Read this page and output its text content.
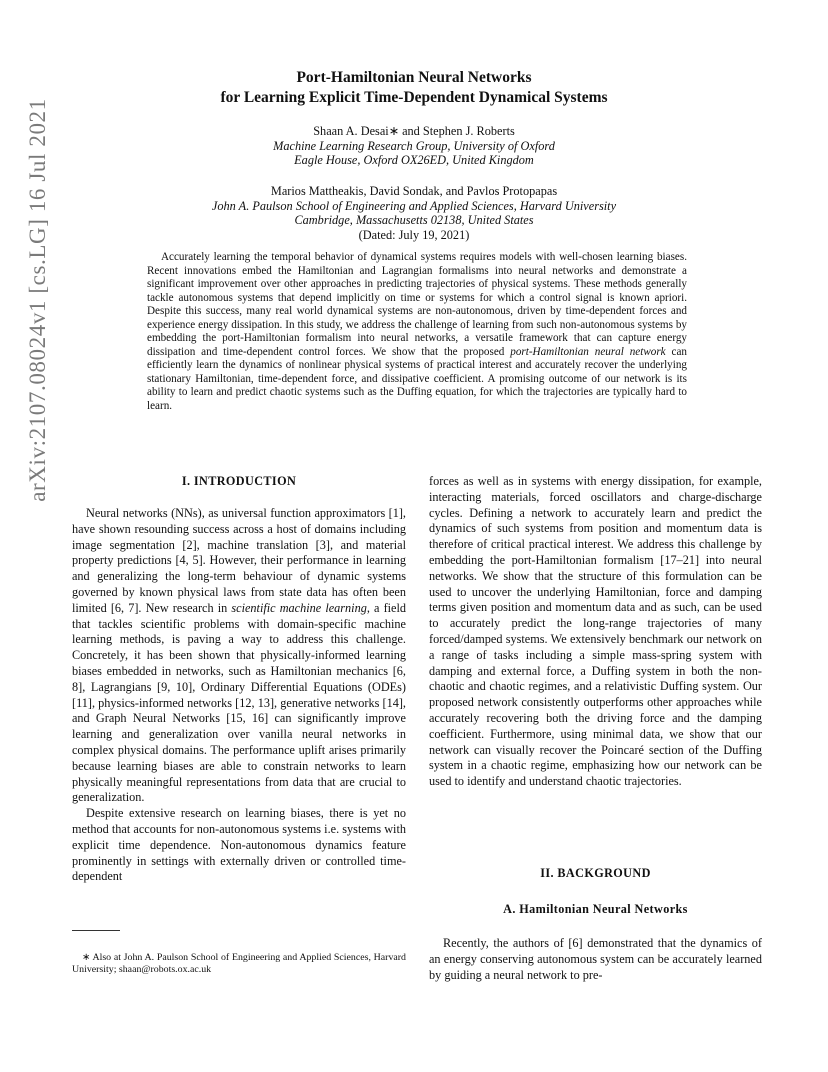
arXiv:2107.08024v1 [cs.LG] 16 Jul 2021
Port-Hamiltonian Neural Networks
for Learning Explicit Time-Dependent Dynamical Systems
Shaan A. Desai∗ and Stephen J. Roberts
Machine Learning Research Group, University of Oxford
Eagle House, Oxford OX26ED, United Kingdom
Marios Mattheakis, David Sondak, and Pavlos Protopapas
John A. Paulson School of Engineering and Applied Sciences, Harvard University
Cambridge, Massachusetts 02138, United States
(Dated: July 19, 2021)
Accurately learning the temporal behavior of dynamical systems requires models with well-chosen learning biases. Recent innovations embed the Hamiltonian and Lagrangian formalisms into neural networks and demonstrate a significant improvement over other approaches in predicting trajectories of physical systems. These methods generally tackle autonomous systems that depend implicitly on time or systems for which a control signal is known apriori. Despite this success, many real world dynamical systems are non-autonomous, driven by time-dependent forces and experience energy dissipation. In this study, we address the challenge of learning from such non-autonomous systems by embedding the port-Hamiltonian formalism into neural networks, a versatile framework that can capture energy dissipation and time-dependent control forces. We show that the proposed port-Hamiltonian neural network can efficiently learn the dynamics of nonlinear physical systems of practical interest and accurately recover the underlying stationary Hamiltonian, time-dependent force, and dissipative coefficient. A promising outcome of our network is its ability to learn and predict chaotic systems such as the Duffing equation, for which the trajectories are typically hard to learn.
I. INTRODUCTION

Neural networks (NNs), as universal function approximators [1], have shown resounding success across a host of domains including image segmentation [2], machine translation [3], and material property predictions [4, 5]. However, their performance in learning and generalizing the long-term behaviour of dynamic systems governed by known physical laws from state data has often been limited [6, 7]. New research in scientific machine learning, a field that tackles scientific problems with domain-specific machine learning methods, is paving a way to address this challenge. Concretely, it has been shown that physically-informed learning biases embedded in networks, such as Hamiltonian mechanics [6, 8], Lagrangians [9, 10], Ordinary Differential Equations (ODEs) [11], physics-informed networks [12, 13], generative networks [14], and Graph Neural Networks [15, 16] can significantly improve learning and generalization over vanilla neural networks in complex physical domains. The performance uplift arises primarily because learning biases are able to constrain networks to learn physically meaningful representations from data that are crucial to generalization.

Despite extensive research on learning biases, there is yet no method that accounts for non-autonomous systems i.e. systems with explicit time dependence. Non-autonomous dynamics feature prominently in settings with externally driven or controlled time-dependent

forces as well as in systems with energy dissipation, for example, interacting materials, forced oscillators and charge-discharge cycles. Defining a network to accurately learn and predict the dynamics of such systems from position and momentum data is therefore of critical practical interest. We address this challenge by embedding the port-Hamiltonian formalism [17–21] into neural networks. We show that the structure of this formulation can be used to uncover the underlying Hamiltonian, force and damping terms given position and momentum data and as such, can be used to accurately predict the long-range trajectories of many forced/damped systems. We extensively benchmark our network on a range of tasks including a simple mass-spring system with damping and external force, a Duffing system in both the non-chaotic and chaotic regimes, and a relativistic Duffing system. Our proposed network consistently outperforms other approaches while accurately recovering both the driving force and the damping coefficient. Furthermore, using minimal data, we show that our network can visually recover the Poincaré section of the Duffing system in a chaotic regime, emphasizing how our network can be used to identify and understand chaotic trajectories.

II. BACKGROUND
A. Hamiltonian Neural Networks

Recently, the authors of [6] demonstrated that the dynamics of an energy conserving autonomous system can be accurately learned by guiding a neural network to pre-

∗ Also at John A. Paulson School of Engineering and Applied Sciences, Harvard University; shaan@robots.ox.ac.uk
